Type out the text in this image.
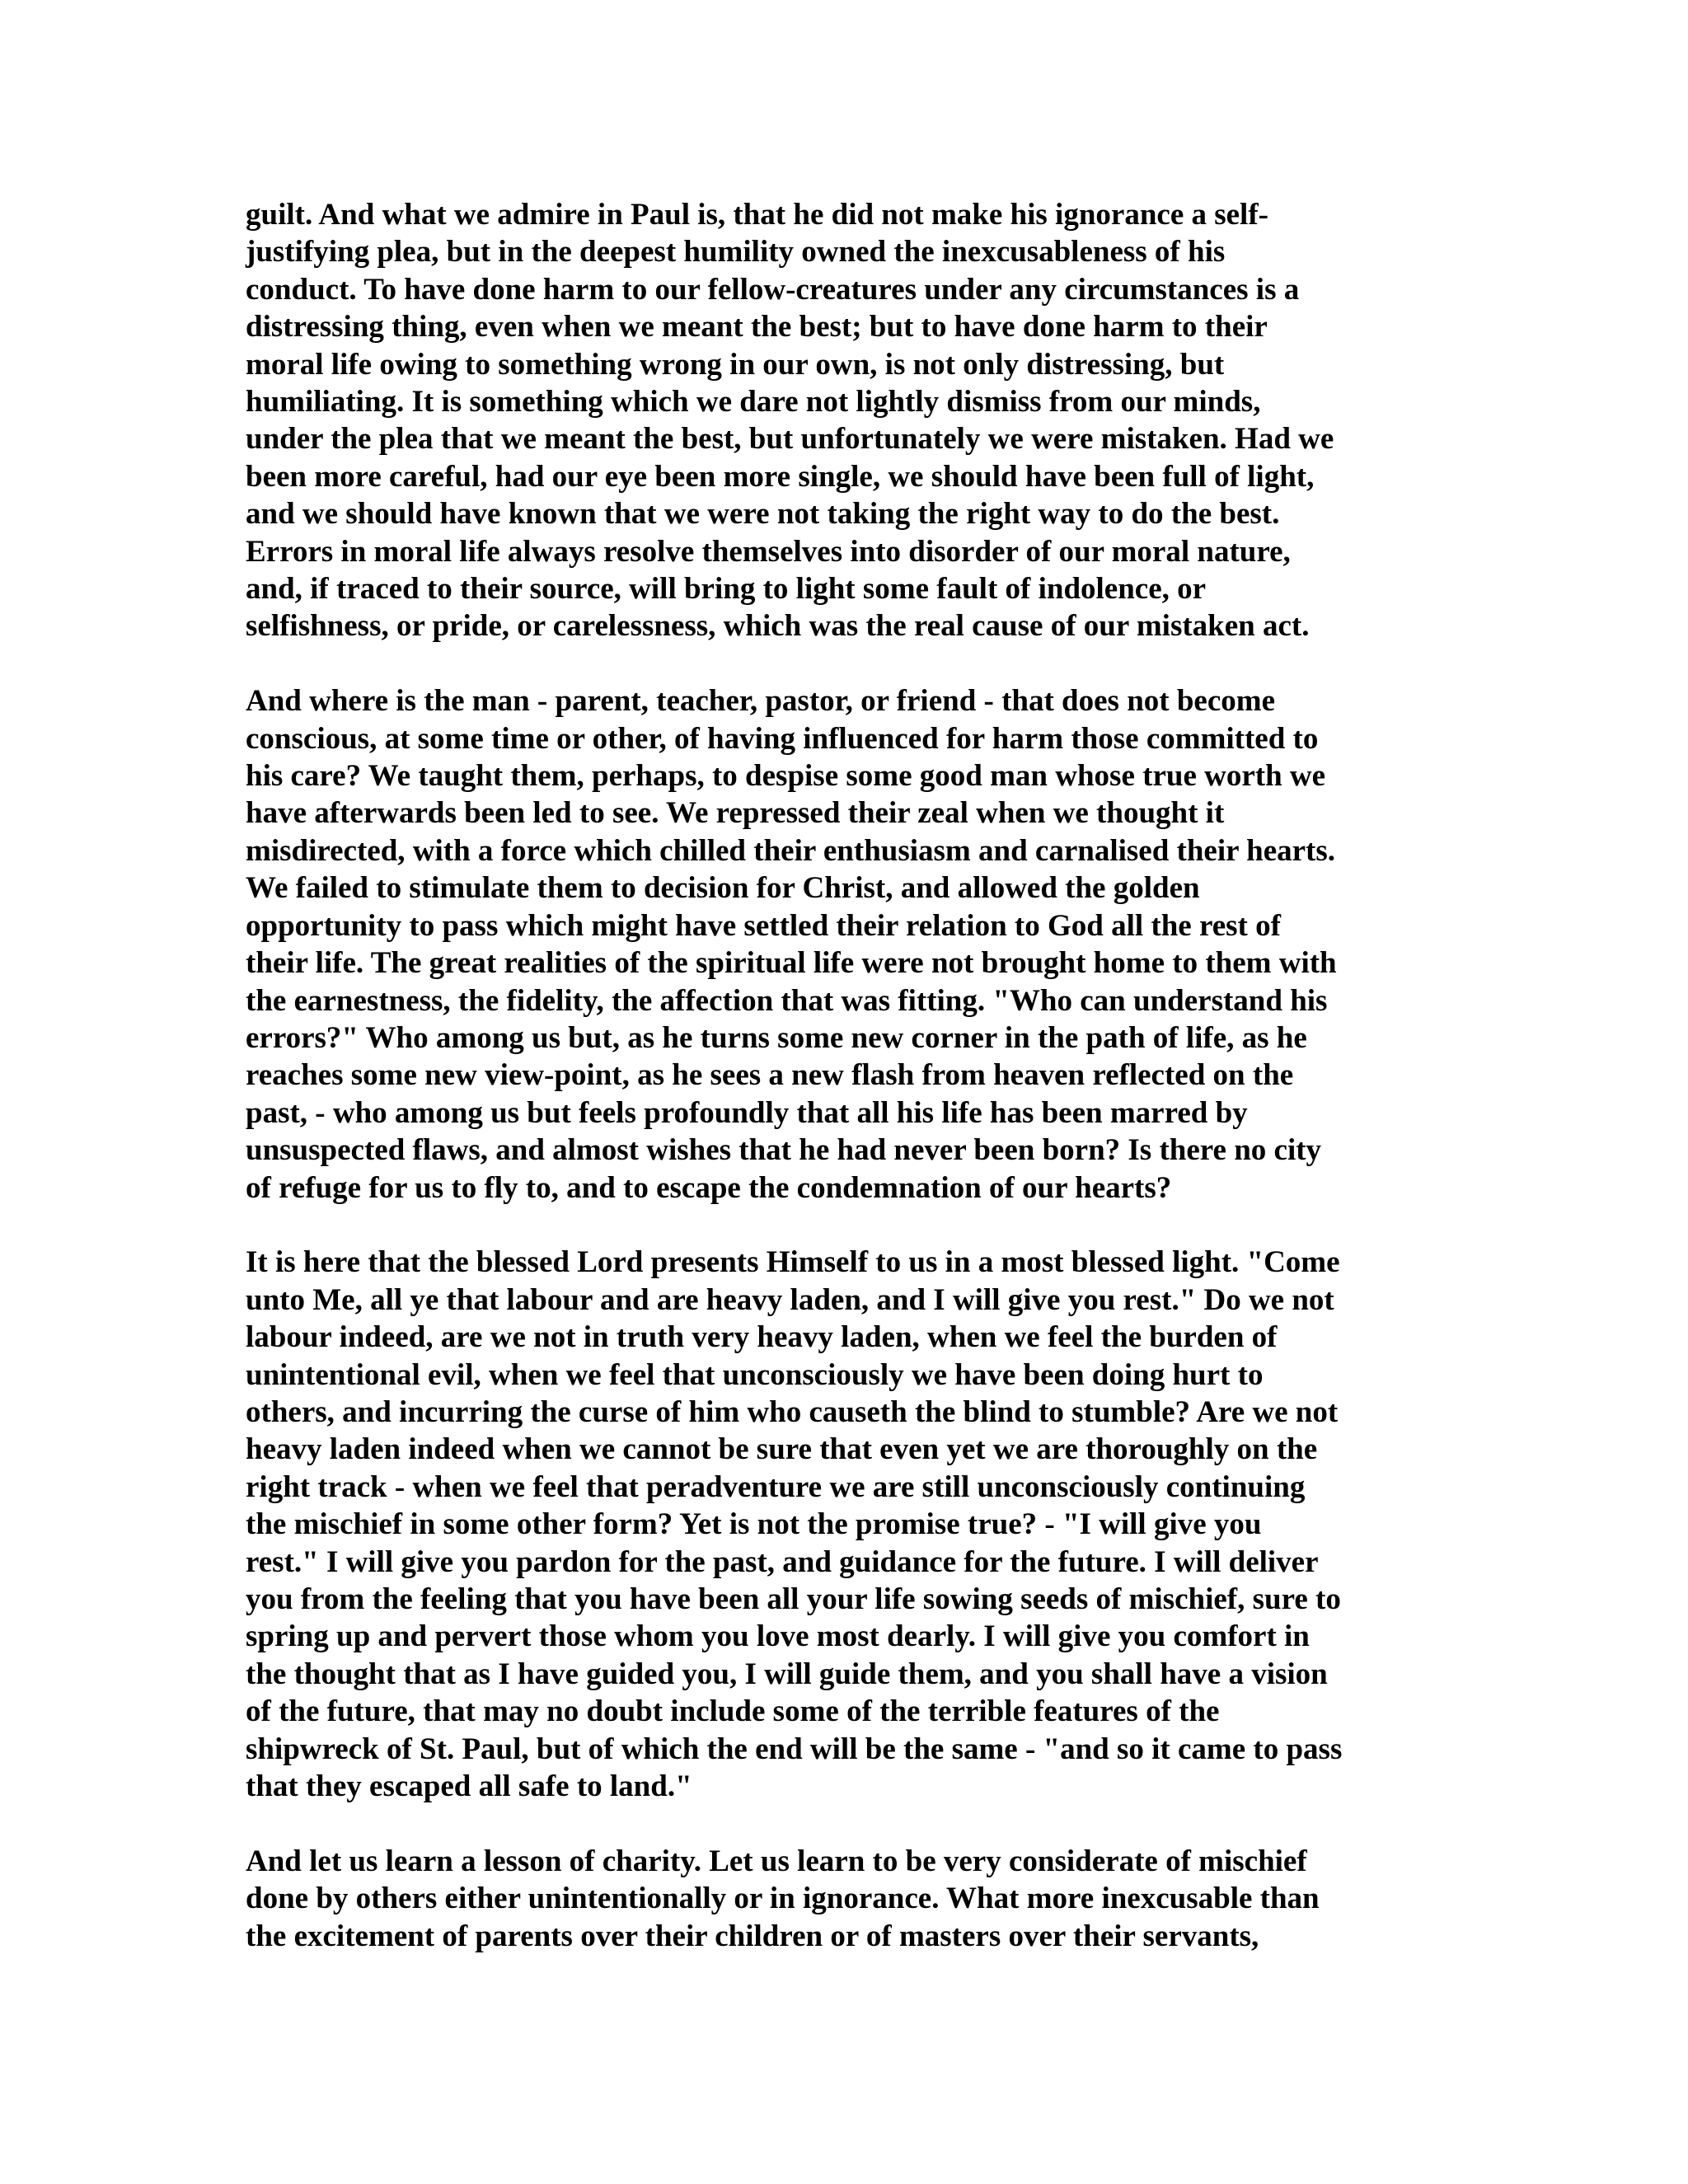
guilt. And what we admire in Paul is, that he did not make his ignorance a self-
justifying plea, but in the deepest humility owned the inexcusableness of his
conduct. To have done harm to our fellow-creatures under any circumstances is a
distressing thing, even when we meant the best; but to have done harm to their
moral life owing to something wrong in our own, is not only distressing, but
humiliating. It is something which we dare not lightly dismiss from our minds,
under the plea that we meant the best, but unfortunately we were mistaken. Had we
been more careful, had our eye been more single, we should have been full of light,
and we should have known that we were not taking the right way to do the best.
Errors in moral life always resolve themselves into disorder of our moral nature,
and, if traced to their source, will bring to light some fault of indolence, or
selfishness, or pride, or carelessness, which was the real cause of our mistaken act.

And where is the man - parent, teacher, pastor, or friend - that does not become
conscious, at some time or other, of having influenced for harm those committed to
his care? We taught them, perhaps, to despise some good man whose true worth we
have afterwards been led to see. We repressed their zeal when we thought it
misdirected, with a force which chilled their enthusiasm and carnalised their hearts.
We failed to stimulate them to decision for Christ, and allowed the golden
opportunity to pass which might have settled their relation to God all the rest of
their life. The great realities of the spiritual life were not brought home to them with
the earnestness, the fidelity, the affection that was fitting. "Who can understand his
errors?" Who among us but, as he turns some new corner in the path of life, as he
reaches some new view-point, as he sees a new flash from heaven reflected on the
past, - who among us but feels profoundly that all his life has been marred by
unsuspected flaws, and almost wishes that he had never been born? Is there no city
of refuge for us to fly to, and to escape the condemnation of our hearts?

It is here that the blessed Lord presents Himself to us in a most blessed light. "Come
unto Me, all ye that labour and are heavy laden, and I will give you rest." Do we not
labour indeed, are we not in truth very heavy laden, when we feel the burden of
unintentional evil, when we feel that unconsciously we have been doing hurt to
others, and incurring the curse of him who causeth the blind to stumble? Are we not
heavy laden indeed when we cannot be sure that even yet we are thoroughly on the
right track - when we feel that peradventure we are still unconsciously continuing
the mischief in some other form? Yet is not the promise true? - "I will give you
rest." I will give you pardon for the past, and guidance for the future. I will deliver
you from the feeling that you have been all your life sowing seeds of mischief, sure to
spring up and pervert those whom you love most dearly. I will give you comfort in
the thought that as I have guided you, I will guide them, and you shall have a vision
of the future, that may no doubt include some of the terrible features of the
shipwreck of St. Paul, but of which the end will be the same - "and so it came to pass
that they escaped all safe to land."

And let us learn a lesson of charity. Let us learn to be very considerate of mischief
done by others either unintentionally or in ignorance. What more inexcusable than
the excitement of parents over their children or of masters over their servants,
